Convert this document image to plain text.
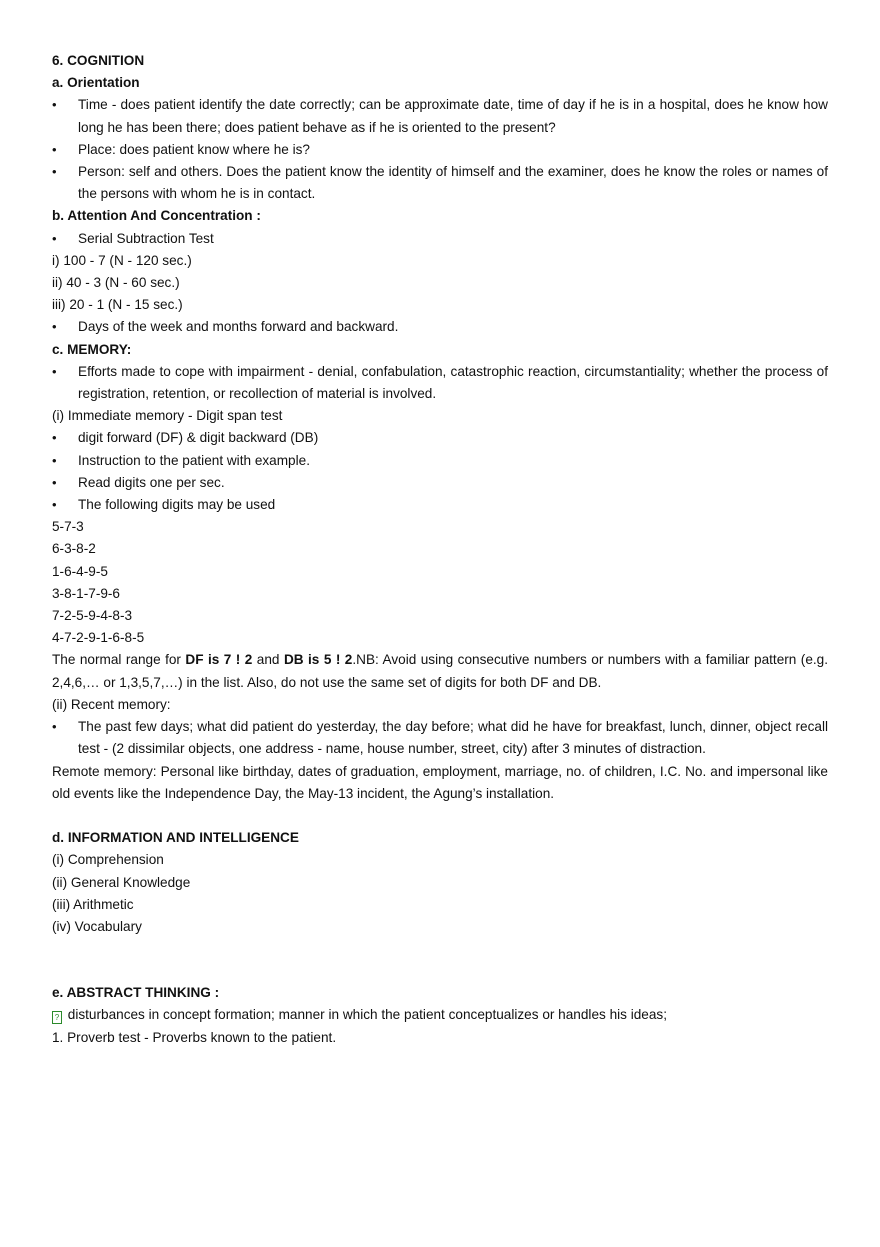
6. COGNITION

a. Orientation

• Time - does patient identify the date correctly; can be approximate date, time of day if he is in a hospital, does he know how long he has been there; does patient behave as if he is oriented to the present?
• Place: does patient know where he is?
• Person: self and others. Does the patient know the identity of himself and the examiner, does he know the roles or names of the persons with whom he is in contact.

b. Attention And Concentration :

• Serial Subtraction Test

i) 100 - 7 (N - 120 sec.)

ii) 40 - 3 (N - 60 sec.)

iii) 20 - 1 (N - 15 sec.)

• Days of the week and months forward and backward.

c. MEMORY:

• Efforts made to cope with impairment - denial, confabulation, catastrophic reaction, circumstantiality; whether the process of registration, retention, or recollection of material is involved.

(i) Immediate memory - Digit span test

• digit forward (DF) & digit backward (DB)
• Instruction to the patient with example.
• Read digits one per sec.
• The following digits may be used

5-7-3

6-3-8-2

1-6-4-9-5

3-8-1-7-9-6

7-2-5-9-4-8-3

4-7-2-9-1-6-8-5

The normal range for DF is 7 ! 2 and DB is 5 ! 2.NB: Avoid using consecutive numbers or numbers with a familiar pattern (e.g. 2,4,6,… or 1,3,5,7,…) in the list. Also, do not use the same set of digits for both DF and DB.

(ii) Recent memory:

• The past few days; what did patient do yesterday, the day before; what did he have for breakfast, lunch, dinner, object recall test - (2 dissimilar objects, one address - name, house number, street, city) after 3 minutes of distraction.

Remote memory: Personal like birthday, dates of graduation, employment, marriage, no. of children, I.C. No. and impersonal like old events like the Independence Day, the May-13 incident, the Agung’s installation.

d. INFORMATION AND INTELLIGENCE

(i) Comprehension

(ii) General Knowledge

(iii) Arithmetic

(iv) Vocabulary

e. ABSTRACT THINKING :

? disturbances in concept formation; manner in which the patient conceptualizes or handles his ideas;

1. Proverb test - Proverbs known to the patient.
